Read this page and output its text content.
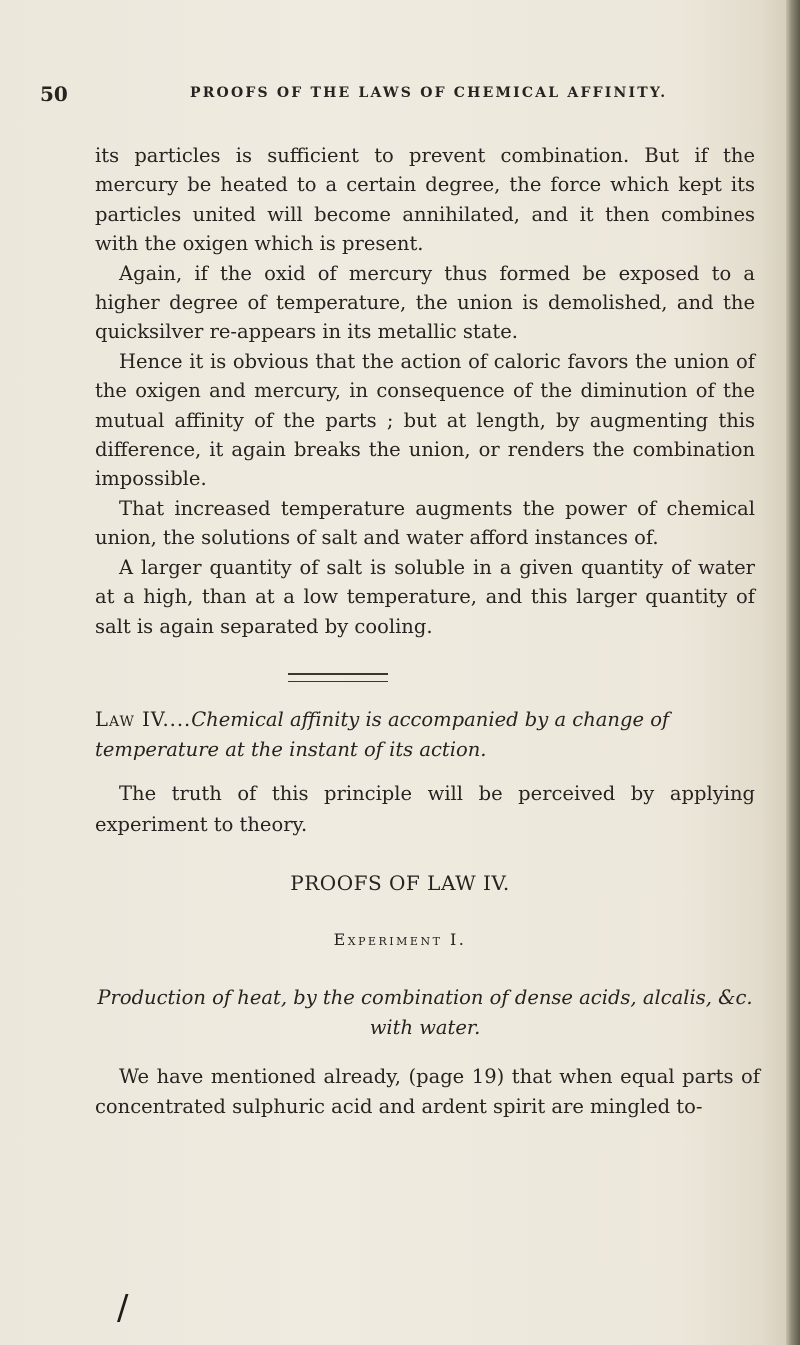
50	PROOFS OF THE LAWS OF CHEMICAL AFFINITY.

its particles is sufficient to prevent combination. But if the mercury be heated to a certain degree, the force which kept its particles united will become annihilated, and it then combines with the oxigen which is present.

Again, if the oxid of mercury thus formed be exposed to a higher degree of temperature, the union is demolished, and the quicksilver re-appears in its metallic state.

Hence it is obvious that the action of caloric favors the union of the oxigen and mercury, in consequence of the diminution of the mutual affinity of the parts ; but at length, by augmenting this difference, it again breaks the union, or renders the combination impossible.

That increased temperature augments the power of chemical union, the solutions of salt and water afford instances of.

A larger quantity of salt is soluble in a given quantity of water at a high, than at a low temperature, and this larger quantity of salt is again separated by cooling.

Law IV....Chemical affinity is accompanied by a change of temperature at the instant of its action.
The truth of this principle will be perceived by applying experiment to theory.
PROOFS OF LAW IV.
Experiment I.
Production of heat, by the combination of dense acids, alcalis, &c. with water.
We have mentioned already, (page 19) that when equal parts of concentrated sulphuric acid and ardent spirit are mingled to-
/
